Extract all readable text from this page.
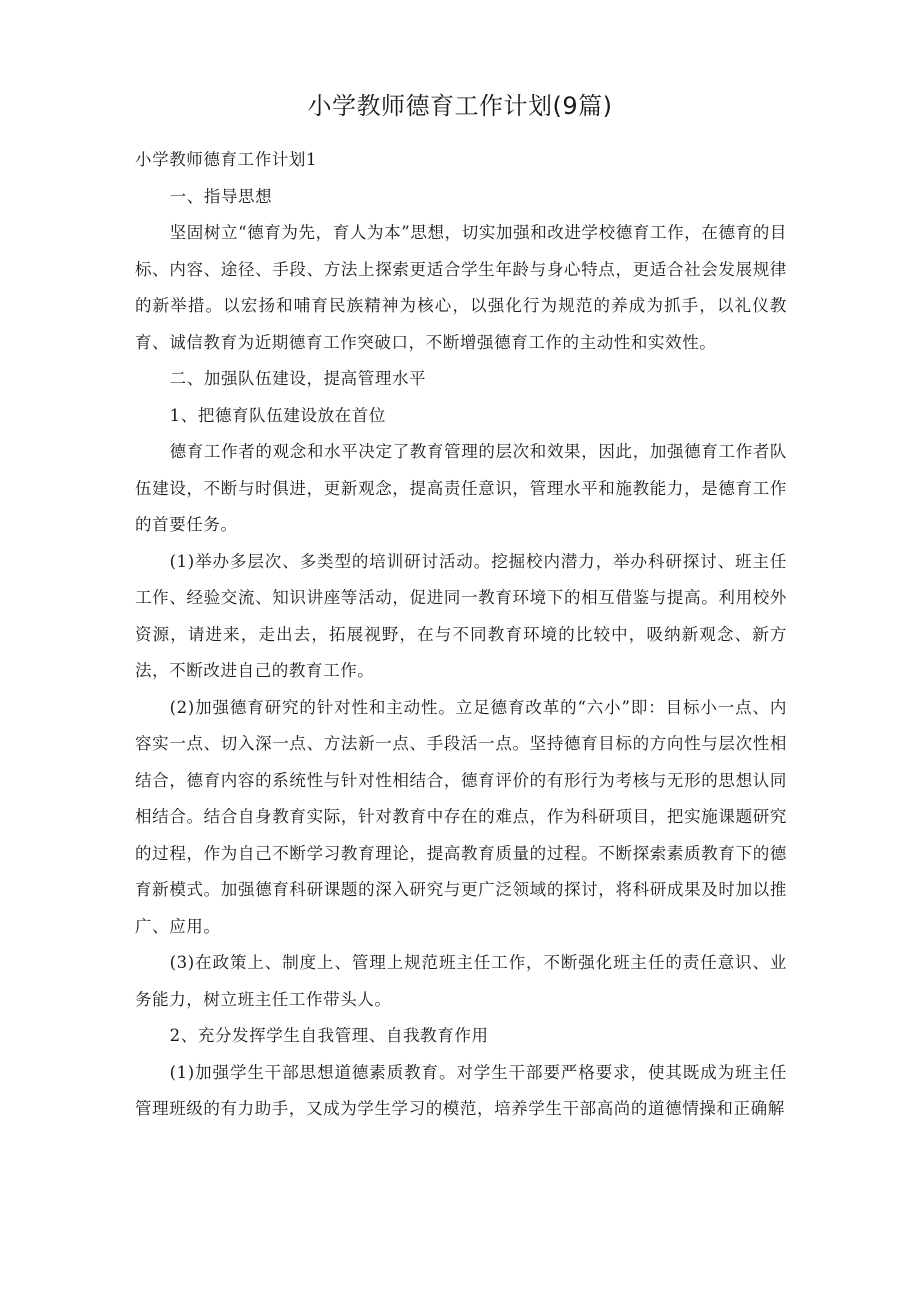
小学教师德育工作计划(9篇)

小学教师德育工作计划1

一、指导思想

坚固树立“德育为先，育人为本”思想，切实加强和改进学校德育工作，在德育的目标、内容、途径、手段、方法上探索更适合学生年龄与身心特点，更适合社会发展规律的新举措。以宏扬和哺育民族精神为核心，以强化行为规范的养成为抓手，以礼仪教育、诚信教育为近期德育工作突破口，不断增强德育工作的主动性和实效性。

二、加强队伍建设，提高管理水平

1、把德育队伍建设放在首位

德育工作者的观念和水平决定了教育管理的层次和效果，因此，加强德育工作者队伍建设，不断与时俱进，更新观念，提高责任意识，管理水平和施教能力，是德育工作的首要任务。

(1)举办多层次、多类型的培训研讨活动。挖掘校内潜力，举办科研探讨、班主任工作、经验交流、知识讲座等活动，促进同一教育环境下的相互借鉴与提高。利用校外资源，请进来，走出去，拓展视野，在与不同教育环境的比较中，吸纳新观念、新方法，不断改进自己的教育工作。

(2)加强德育研究的针对性和主动性。立足德育改革的“六小”即：目标小一点、内容实一点、切入深一点、方法新一点、手段活一点。坚持德育目标的方向性与层次性相结合，德育内容的系统性与针对性相结合，德育评价的有形行为考核与无形的思想认同相结合。结合自身教育实际，针对教育中存在的难点，作为科研项目，把实施课题研究的过程，作为自己不断学习教育理论，提高教育质量的过程。不断探索素质教育下的德育新模式。加强德育科研课题的深入研究与更广泛领域的探讨，将科研成果及时加以推广、应用。

(3)在政策上、制度上、管理上规范班主任工作，不断强化班主任的责任意识、业务能力，树立班主任工作带头人。

2、充分发挥学生自我管理、自我教育作用

(1)加强学生干部思想道德素质教育。对学生干部要严格要求，使其既成为班主任管理班级的有力助手，又成为学生学习的模范，培养学生干部高尚的道德情操和正确解
